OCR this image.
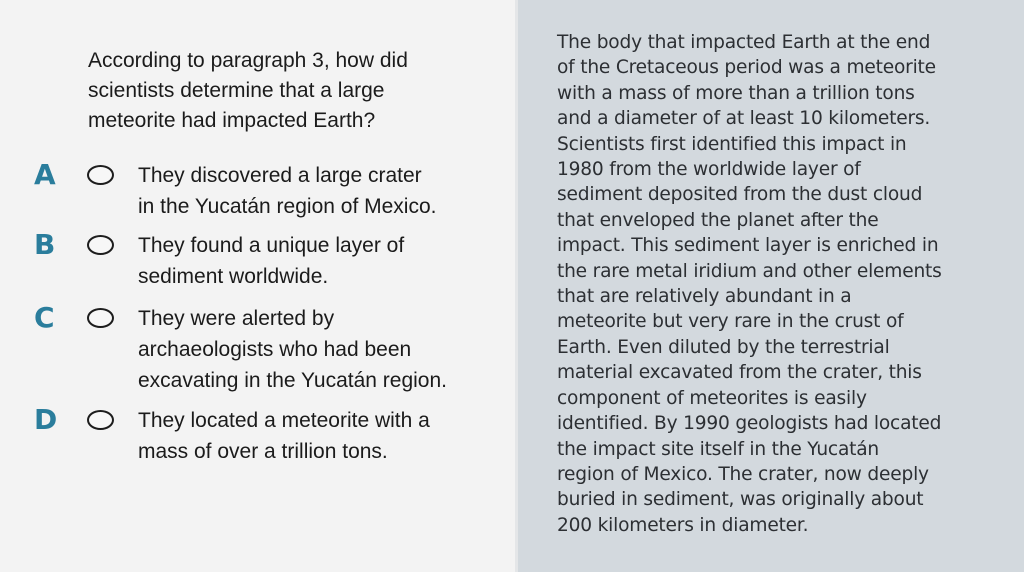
According to paragraph 3, how did
scientists determine that a large
meteorite had impacted Earth?
A	They discovered a large crater
in the Yucatán region of Mexico.
B	They found a unique layer of
sediment worldwide.
C	They were alerted by
archaeologists who had been
excavating in the Yucatán region.
D	They located a meteorite with a
mass of over a trillion tons.

The body that impacted Earth at the end
of the Cretaceous period was a meteorite
with a mass of more than a trillion tons
and a diameter of at least 10 kilometers.
Scientists first identified this impact in
1980 from the worldwide layer of
sediment deposited from the dust cloud
that enveloped the planet after the
impact. This sediment layer is enriched in
the rare metal iridium and other elements
that are relatively abundant in a
meteorite but very rare in the crust of
Earth. Even diluted by the terrestrial
material excavated from the crater, this
component of meteorites is easily
identified. By 1990 geologists had located
the impact site itself in the Yucatán
region of Mexico. The crater, now deeply
buried in sediment, was originally about
200 kilometers in diameter.
